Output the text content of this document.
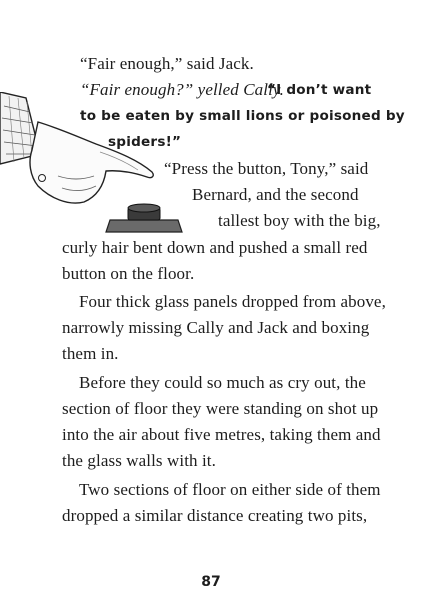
“Fair enough,” said Jack.
“Fair enough?” yelled Cally.
“I don’t want
to be eaten by small lions or poisoned by
spiders!”
“Press the button, Tony,” said
Bernard, and the second
tallest boy with the big,
curly hair bent down and pushed a small red
button on the floor.
Four thick glass panels dropped from above,
narrowly missing Cally and Jack and boxing
them in.
Before they could so much as cry out, the
section of floor they were standing on shot up
into the air about five metres, taking them and
the glass walls with it.
Two sections of floor on either side of them
dropped a similar distance creating two pits,
87
